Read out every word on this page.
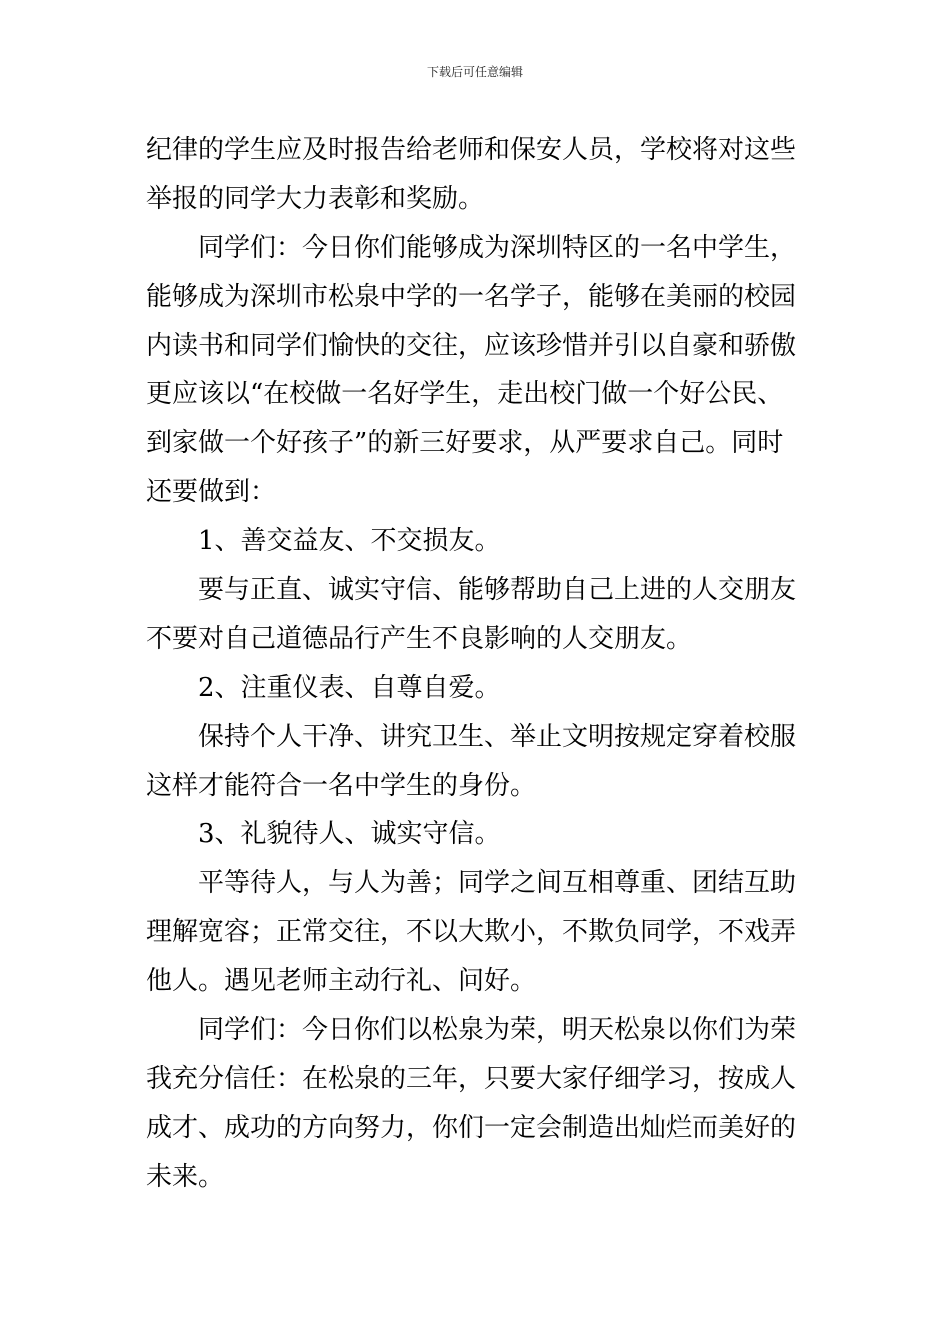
下载后可任意编辑
纪律的学生应及时报告给老师和保安人员，学校将对这些
举报的同学大力表彰和奖励。
同学们：今日你们能够成为深圳特区的一名中学生，
能够成为深圳市松泉中学的一名学子，能够在美丽的校园
内读书和同学们愉快的交往，应该珍惜并引以自豪和骄傲
更应该以“在校做一名好学生，走出校门做一个好公民、
到家做一个好孩子”的新三好要求，从严要求自己。同时
还要做到：
1、善交益友、不交损友。
要与正直、诚实守信、能够帮助自己上进的人交朋友
不要对自己道德品行产生不良影响的人交朋友。
2、注重仪表、自尊自爱。
保持个人干净、讲究卫生、举止文明按规定穿着校服
这样才能符合一名中学生的身份。
3、礼貌待人、诚实守信。
平等待人，与人为善；同学之间互相尊重、团结互助
理解宽容；正常交往，不以大欺小，不欺负同学，不戏弄
他人。遇见老师主动行礼、问好。
同学们：今日你们以松泉为荣，明天松泉以你们为荣
我充分信任：在松泉的三年，只要大家仔细学习，按成人
成才、成功的方向努力，你们一定会制造出灿烂而美好的
未来。
